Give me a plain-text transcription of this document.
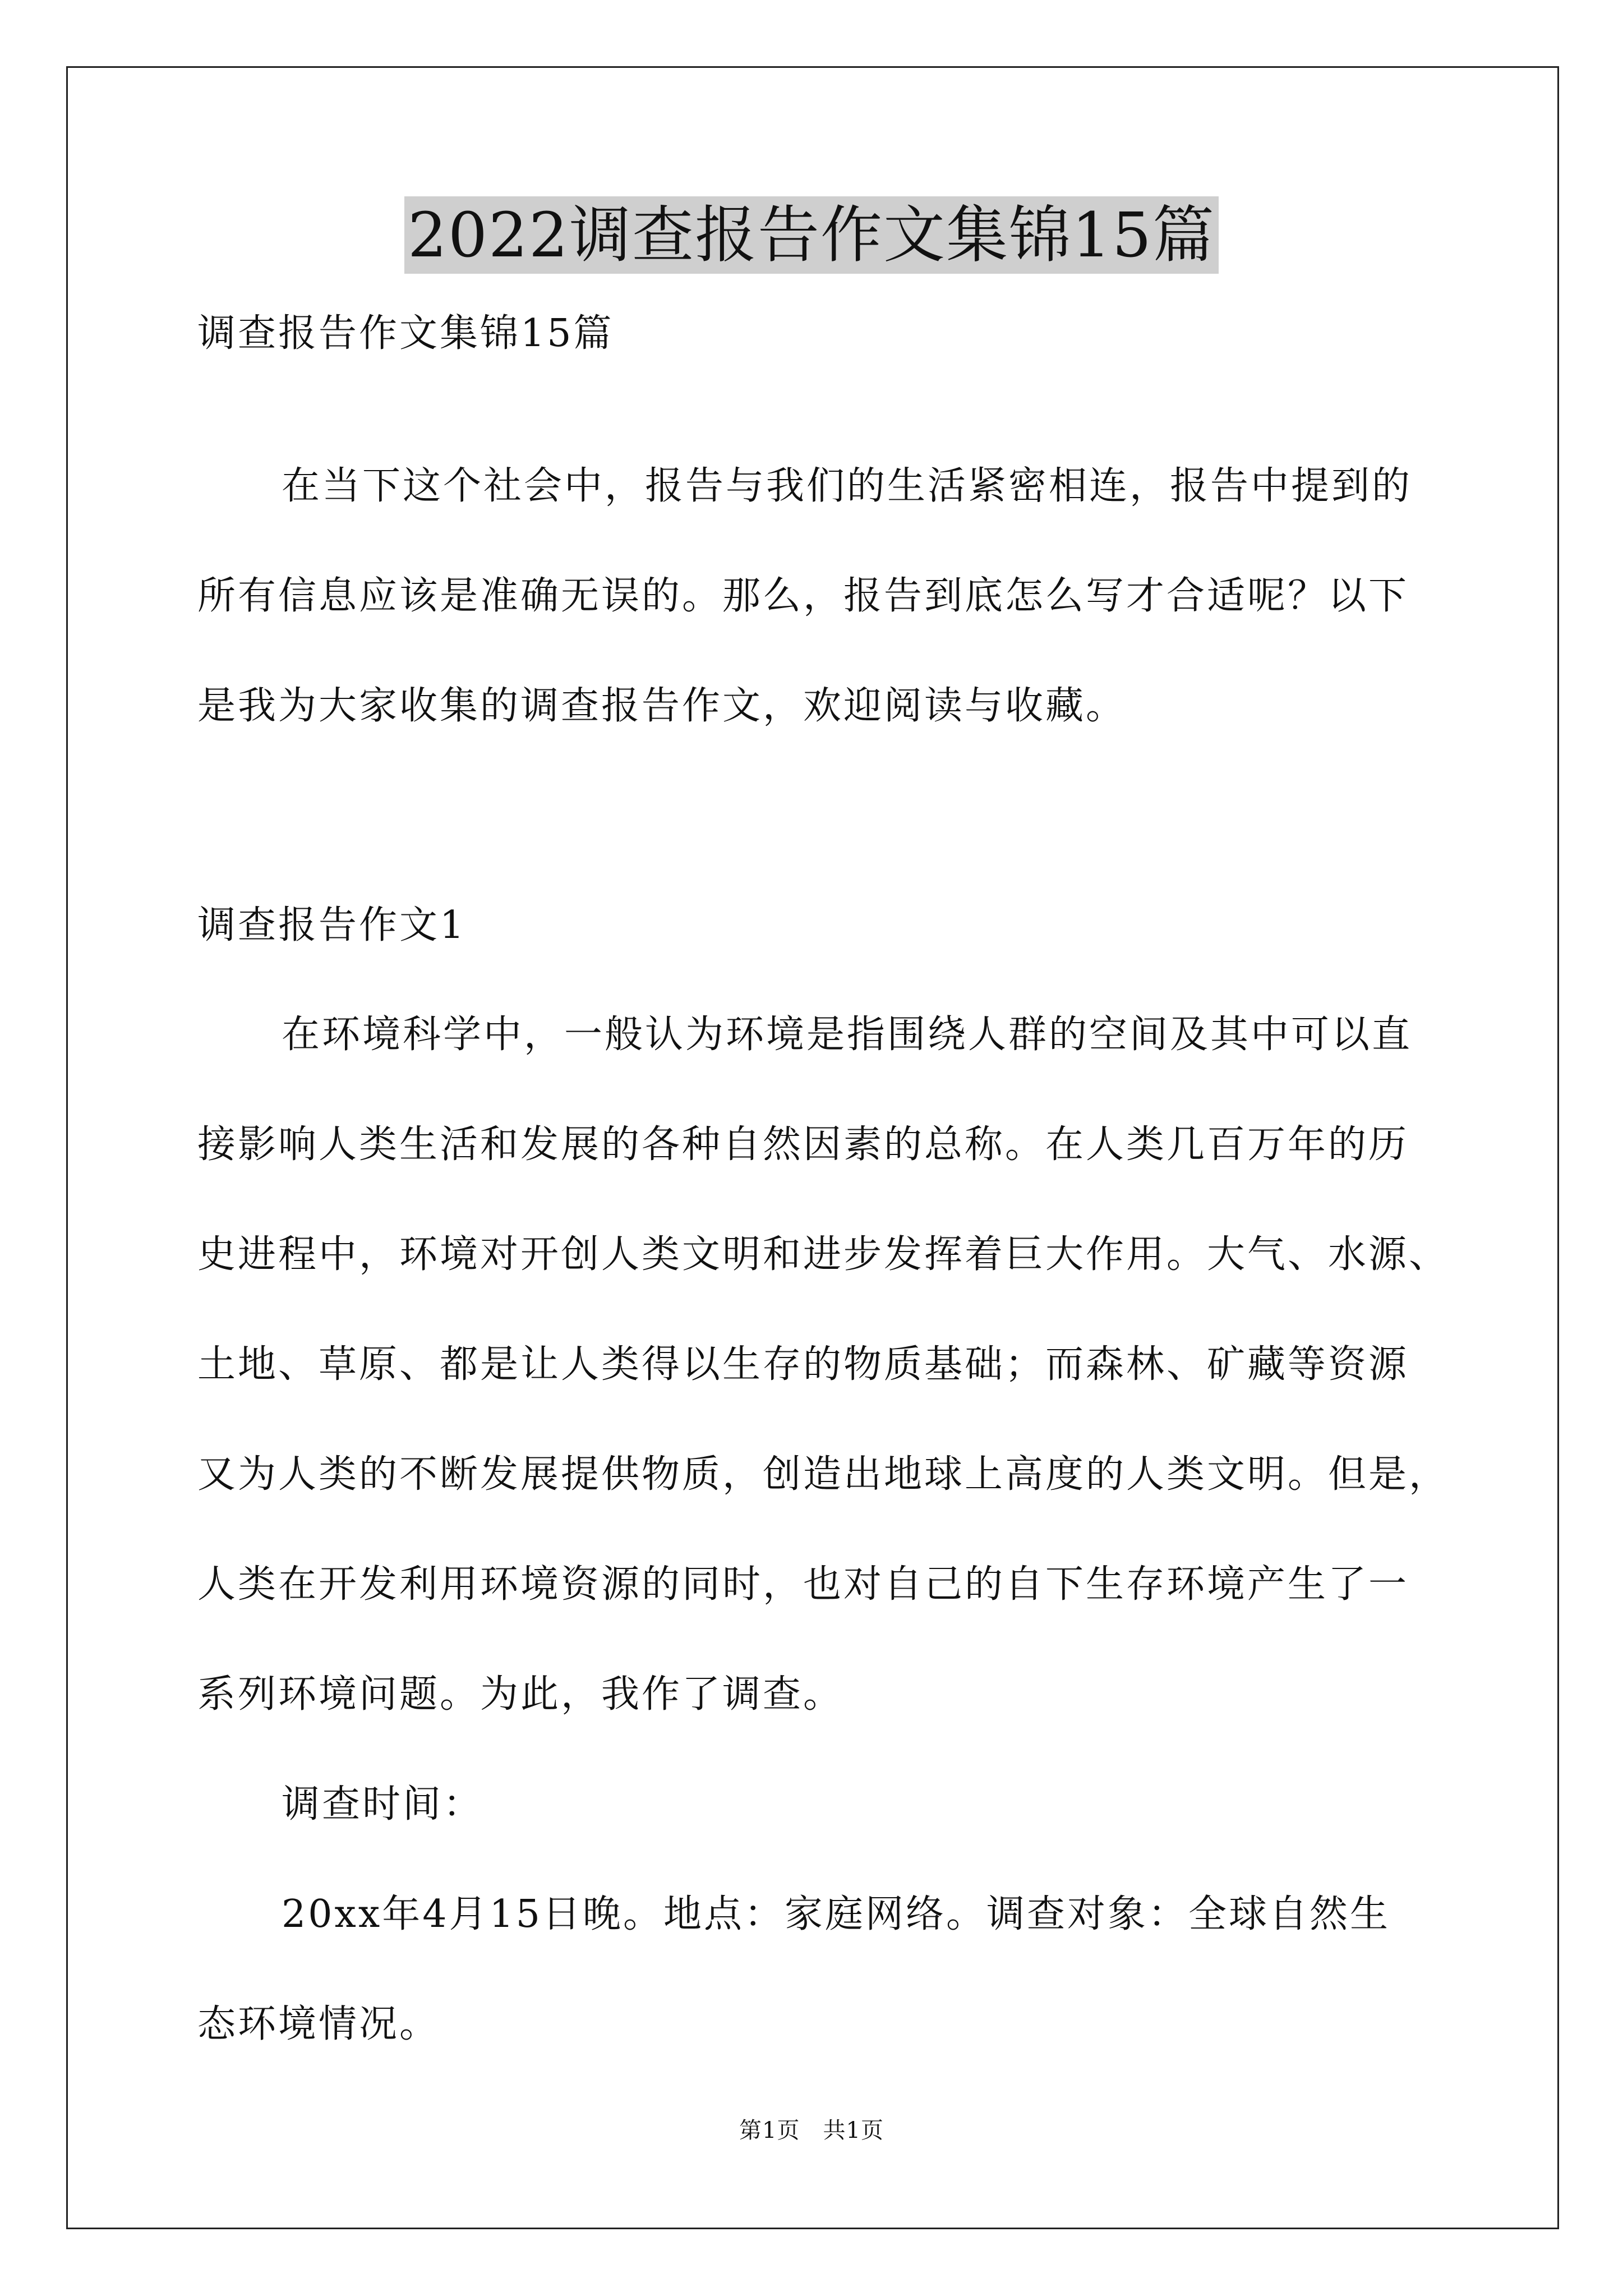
2022调查报告作文集锦15篇

调查报告作文集锦15篇

在当下这个社会中，报告与我们的生活紧密相连，报告中提到的

所有信息应该是准确无误的。那么，报告到底怎么写才合适呢？以下

是我为大家收集的调查报告作文，欢迎阅读与收藏。

调查报告作文1

在环境科学中，一般认为环境是指围绕人群的空间及其中可以直

接影响人类生活和发展的各种自然因素的总称。在人类几百万年的历

史进程中，环境对开创人类文明和进步发挥着巨大作用。大气、水源、

土地、草原、都是让人类得以生存的物质基础；而森林、矿藏等资源

又为人类的不断发展提供物质，创造出地球上高度的人类文明。但是，

人类在开发利用环境资源的同时，也对自己的自下生存环境产生了一

系列环境问题。为此，我作了调查。

调查时间：

20xx年4月15日晚。地点：家庭网络。调查对象：全球自然生

态环境情况。

第1页　共1页
